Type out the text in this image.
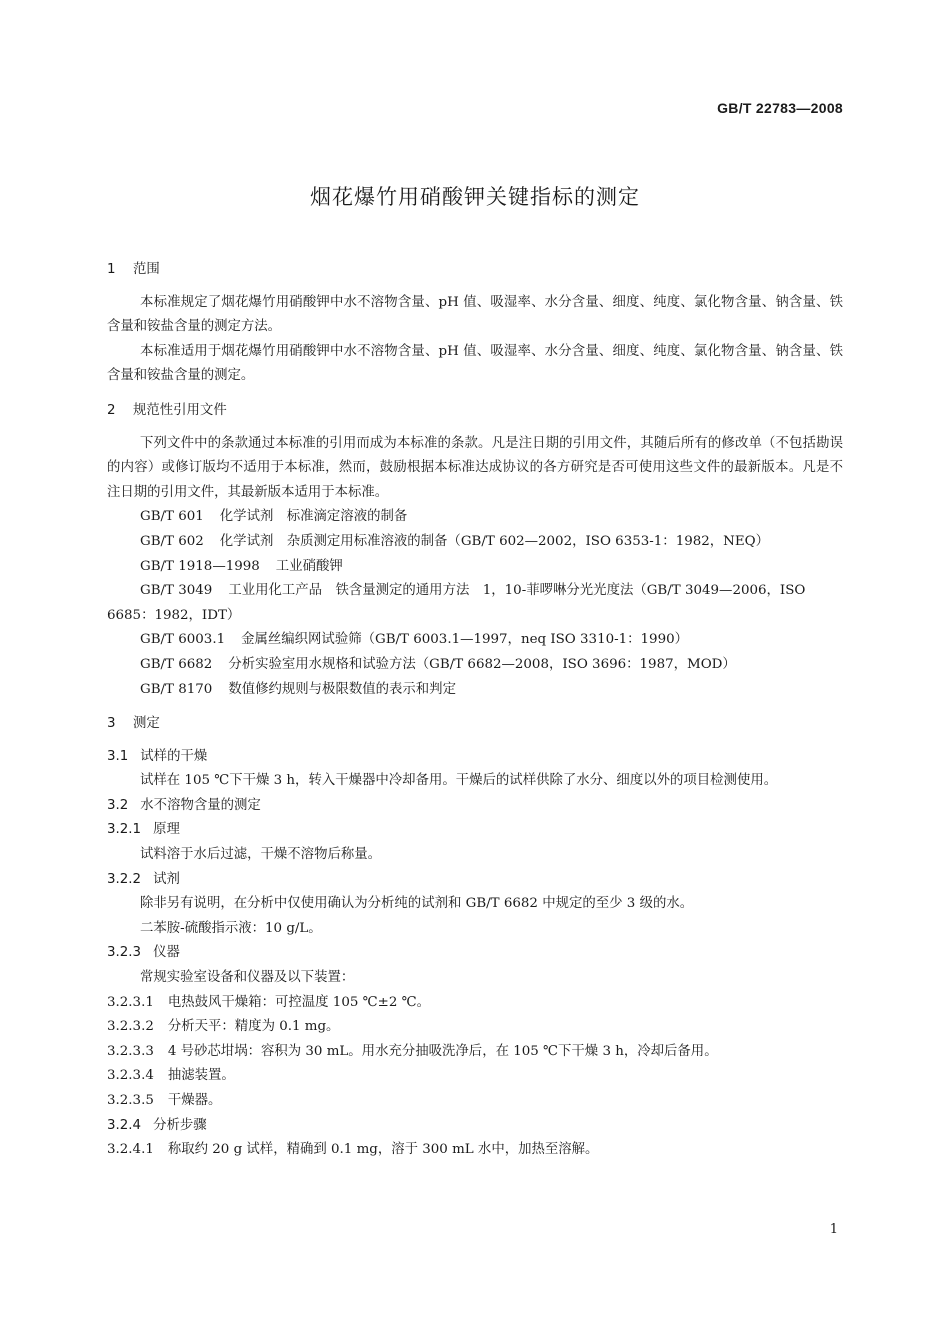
GB/T 22783—2008
烟花爆竹用硝酸钾关键指标的测定
1 范围
本标准规定了烟花爆竹用硝酸钾中水不溶物含量、pH 值、吸湿率、水分含量、细度、纯度、氯化物含量、钠含量、铁含量和铵盐含量的测定方法。
本标准适用于烟花爆竹用硝酸钾中水不溶物含量、pH 值、吸湿率、水分含量、细度、纯度、氯化物含量、钠含量、铁含量和铵盐含量的测定。
2 规范性引用文件
下列文件中的条款通过本标准的引用而成为本标准的条款。凡是注日期的引用文件，其随后所有的修改单（不包括勘误的内容）或修订版均不适用于本标准，然而，鼓励根据本标准达成协议的各方研究是否可使用这些文件的最新版本。凡是不注日期的引用文件，其最新版本适用于本标准。
GB/T 601 化学试剂　标准滴定溶液的制备
GB/T 602 化学试剂　杂质测定用标准溶液的制备（GB/T 602—2002，ISO 6353-1：1982，NEQ）
GB/T 1918—1998 工业硝酸钾
GB/T 3049 工业用化工产品　铁含量测定的通用方法　1，10-菲啰啉分光光度法（GB/T 3049—2006，ISO 6685：1982，IDT）
GB/T 6003.1 金属丝编织网试验筛（GB/T 6003.1—1997，neq ISO 3310-1：1990）
GB/T 6682 分析实验室用水规格和试验方法（GB/T 6682—2008，ISO 3696：1987，MOD）
GB/T 8170 数值修约规则与极限数值的表示和判定
3 测定
3.1 试样的干燥
试样在 105 ℃下干燥 3 h，转入干燥器中冷却备用。干燥后的试样供除了水分、细度以外的项目检测使用。
3.2 水不溶物含量的测定
3.2.1 原理
试料溶于水后过滤，干燥不溶物后称量。
3.2.2 试剂
除非另有说明，在分析中仅使用确认为分析纯的试剂和 GB/T 6682 中规定的至少 3 级的水。
二苯胺-硫酸指示液：10 g/L。
3.2.3 仪器
常规实验室设备和仪器及以下装置：
3.2.3.1 电热鼓风干燥箱：可控温度 105 ℃±2 ℃。
3.2.3.2 分析天平：精度为 0.1 mg。
3.2.3.3 4 号砂芯坩埚：容积为 30 mL。用水充分抽吸洗净后，在 105 ℃下干燥 3 h，冷却后备用。
3.2.3.4 抽滤装置。
3.2.3.5 干燥器。
3.2.4 分析步骤
3.2.4.1 称取约 20 g 试样，精确到 0.1 mg，溶于 300 mL 水中，加热至溶解。
1
